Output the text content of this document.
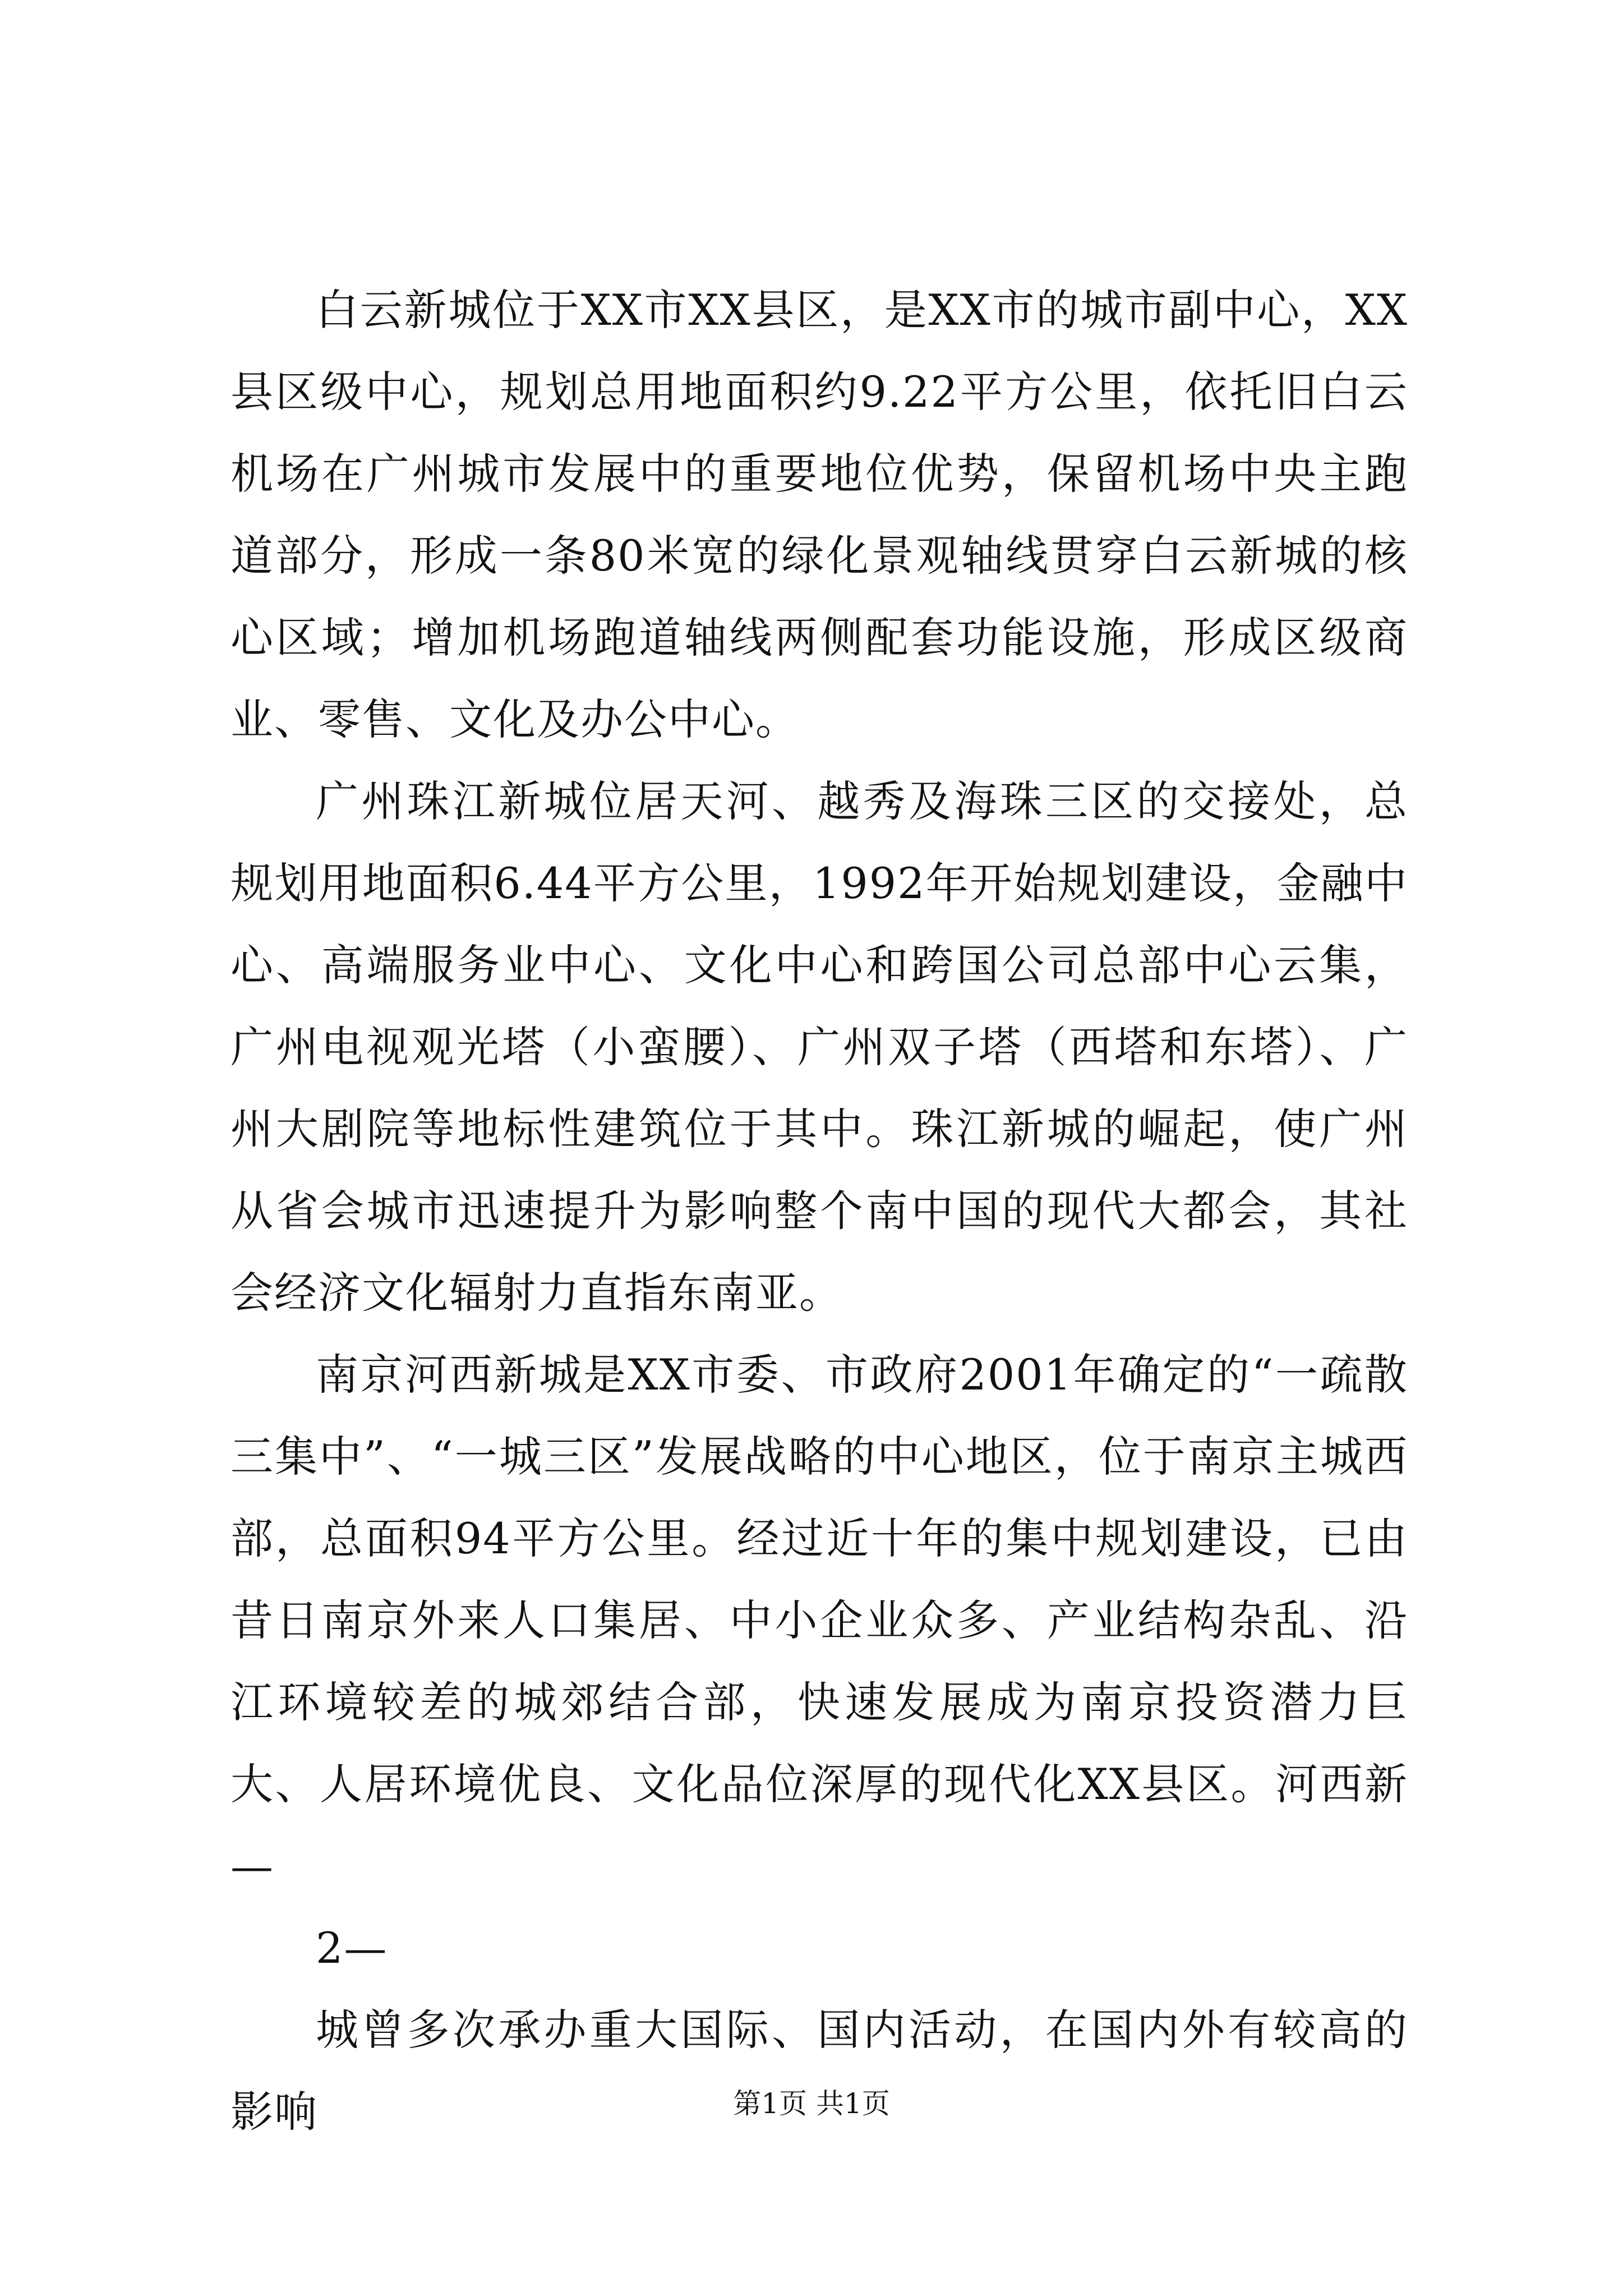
白云新城位于XX市XX县区，是XX市的城市副中心，XX县区级中心，规划总用地面积约9.22平方公里，依托旧白云机场在广州城市发展中的重要地位优势，保留机场中央主跑道部分，形成一条80米宽的绿化景观轴线贯穿白云新城的核心区域；增加机场跑道轴线两侧配套功能设施，形成区级商业、零售、文化及办公中心。

广州珠江新城位居天河、越秀及海珠三区的交接处，总规划用地面积6.44平方公里，1992年开始规划建设，金融中心、高端服务业中心、文化中心和跨国公司总部中心云集，广州电视观光塔（小蛮腰）、广州双子塔（西塔和东塔）、广州大剧院等地标性建筑位于其中。珠江新城的崛起，使广州从省会城市迅速提升为影响整个南中国的现代大都会，其社会经济文化辐射力直指东南亚。

南京河西新城是XX市委、市政府2001年确定的“一疏散三集中”、“一城三区”发展战略的中心地区，位于南京主城西部，总面积94平方公里。经过近十年的集中规划建设，已由昔日南京外来人口集居、中小企业众多、产业结构杂乱、沿江环境较差的城郊结合部，快速发展成为南京投资潜力巨大、人居环境优良、文化品位深厚的现代化XX县区。河西新—

2—

城曾多次承办重大国际、国内活动，在国内外有较高的影响	第1页 共1页
